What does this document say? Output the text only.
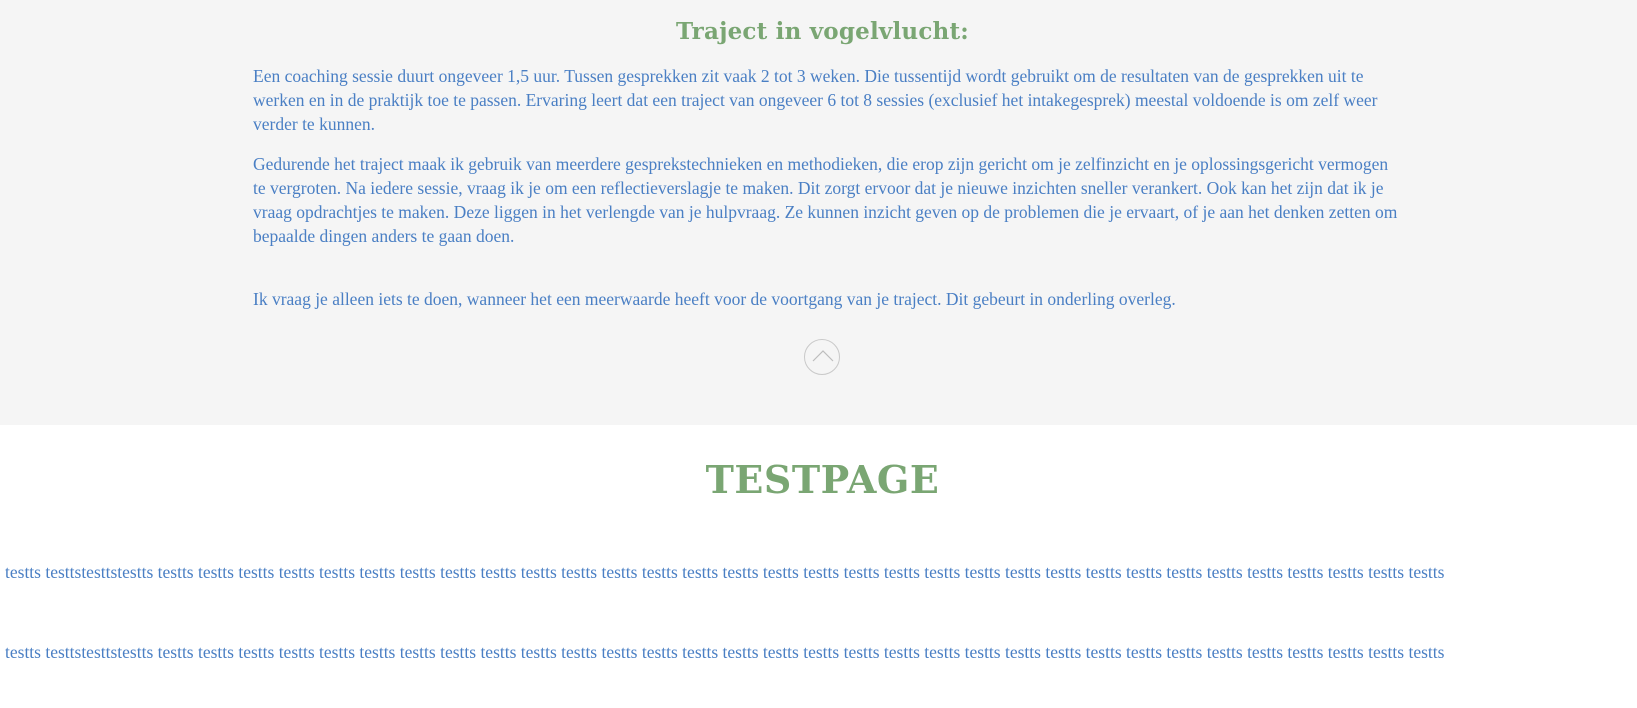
Traject in vogelvlucht:

Een coaching sessie duurt ongeveer 1,5 uur. Tussen gesprekken zit vaak 2 tot 3 weken. Die tussentijd wordt gebruikt om de resultaten van de gesprekken uit te werken en in de praktijk toe te passen. Ervaring leert dat een traject van ongeveer 6 tot 8 sessies (exclusief het intakegesprek) meestal voldoende is om zelf weer verder te kunnen.

Gedurende het traject maak ik gebruik van meerdere gesprekstechnieken en methodieken, die erop zijn gericht om je zelfinzicht en je oplossingsgericht vermogen te vergroten. Na iedere sessie, vraag ik je om een reflectieverslagje te maken. Dit zorgt ervoor dat je nieuwe inzichten sneller verankert. Ook kan het zijn dat ik je vraag opdrachtjes te maken. Deze liggen in het verlengde van je hulpvraag. Ze kunnen inzicht geven op de problemen die je ervaart, of je aan het denken zetten om bepaalde dingen anders te gaan doen.

Ik vraag je alleen iets te doen, wanneer het een meerwaarde heeft voor de voortgang van je traject. Dit gebeurt in onderling overleg.

TESTPAGE
testts testtstesttstestts testts testts testts testts testts testts testts testts testts testts testts testts testts testts testts testts testts testts testts testts testts testts testts testts testts testts testts testts testts testts testts testts
testts testtstesttstestts testts testts testts testts testts testts testts testts testts testts testts testts testts testts testts testts testts testts testts testts testts testts testts testts testts testts testts testts testts testts testts testts
